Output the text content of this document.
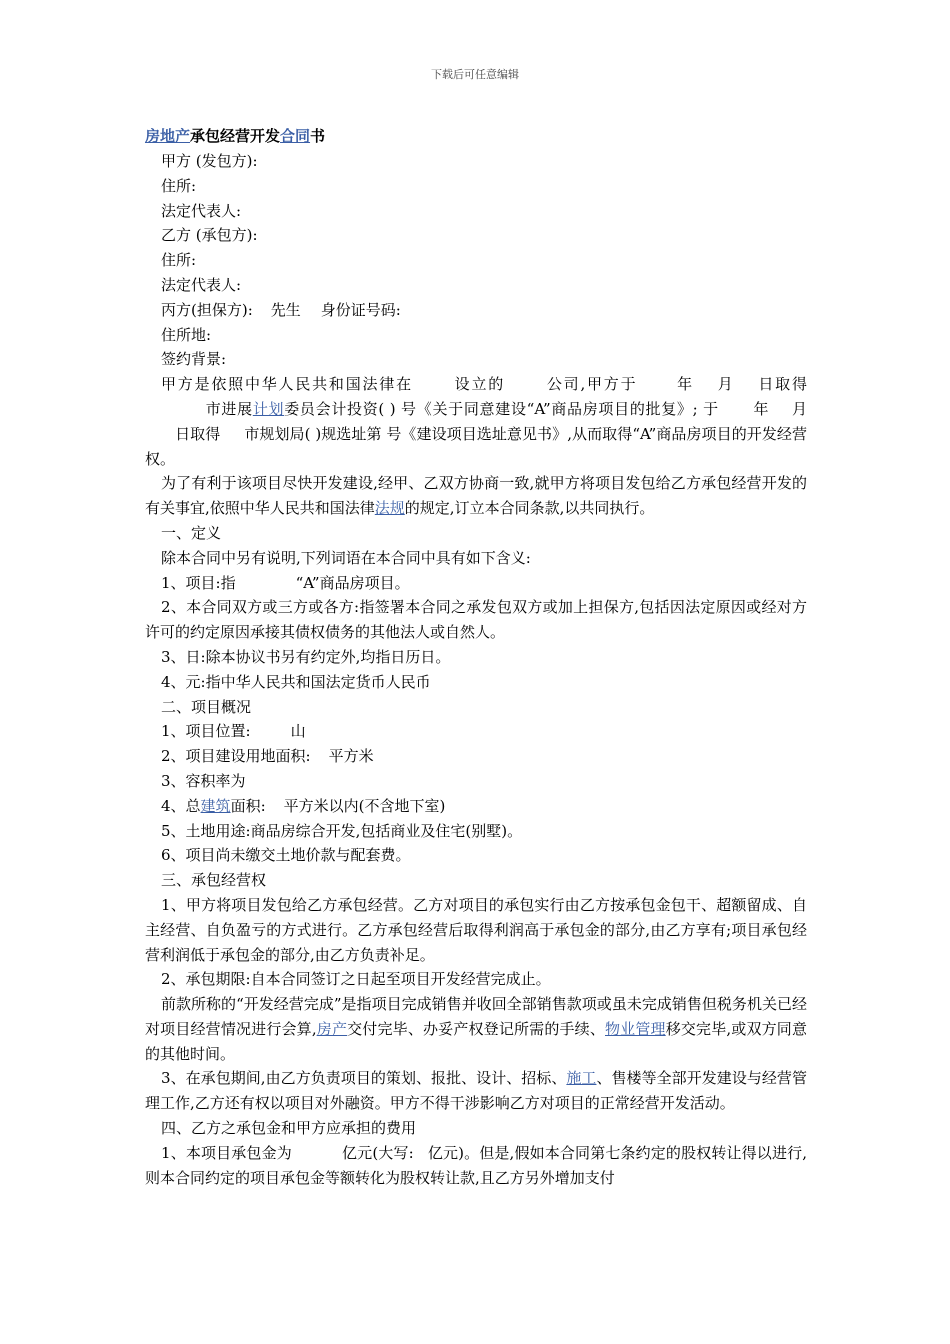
下载后可任意编辑

房地产承包经营开发合同书

甲方 (发包方):

住所:

法定代表人:

乙方 (承包方):

住所:

法定代表人:

丙方(担保方): 先生 身份证号码:

住所地:

签约背景:

甲方是依照中华人民共和国法律在	设立的	公司,甲方于	年 月 日取得市进展计划委员会计投资( ) 号《关于同意建设“A”商品房项目的批复》; 于 年 月日取得 市规划局( )规选址第 号《建设项目选址意见书》,从而取得“A”商品房项目的开发经营权。

为了有利于该项目尽快开发建设,经甲、乙双方协商一致,就甲方将项目发包给乙方承包经营开发的有关事宜,依照中华人民共和国法律法规的规定,订立本合同条款,以共同执行。

一、定义

除本合同中另有说明,下列词语在本合同中具有如下含义:

1、项目:指	“A”商品房项目。

2、本合同双方或三方或各方:指签署本合同之承发包双方或加上担保方,包括因法定原因或经对方许可的约定原因承接其债权债务的其他法人或自然人。

3、日:除本协议书另有约定外,均指日历日。

4、元:指中华人民共和国法定货币人民币

二、项目概况

1、项目位置:	山

2、项目建设用地面积: 平方米

3、容积率为

4、总建筑面积: 平方米以内(不含地下室)

5、土地用途:商品房综合开发,包括商业及住宅(别墅)。

6、项目尚未缴交土地价款与配套费。

三、承包经营权

1、甲方将项目发包给乙方承包经营。乙方对项目的承包实行由乙方按承包金包干、超额留成、自主经营、自负盈亏的方式进行。乙方承包经营后取得利润高于承包金的部分,由乙方享有;项目承包经营利润低于承包金的部分,由乙方负责补足。

2、承包期限:自本合同签订之日起至项目开发经营完成止。

前款所称的“开发经营完成”是指项目完成销售并收回全部销售款项或虽未完成销售但税务机关已经对项目经营情况进行会算,房产交付完毕、办妥产权登记所需的手续、物业管理移交完毕,或双方同意的其他时间。

3、在承包期间,由乙方负责项目的策划、报批、设计、招标、施工、售楼等全部开发建设与经营管理工作,乙方还有权以项目对外融资。甲方不得干涉影响乙方对项目的正常经营开发活动。

四、乙方之承包金和甲方应承担的费用

1、本项目承包金为	亿元(大写: 亿元)。但是,假如本合同第七条约定的股权转让得以进行,则本合同约定的项目承包金等额转化为股权转让款,且乙方另外增加支付
